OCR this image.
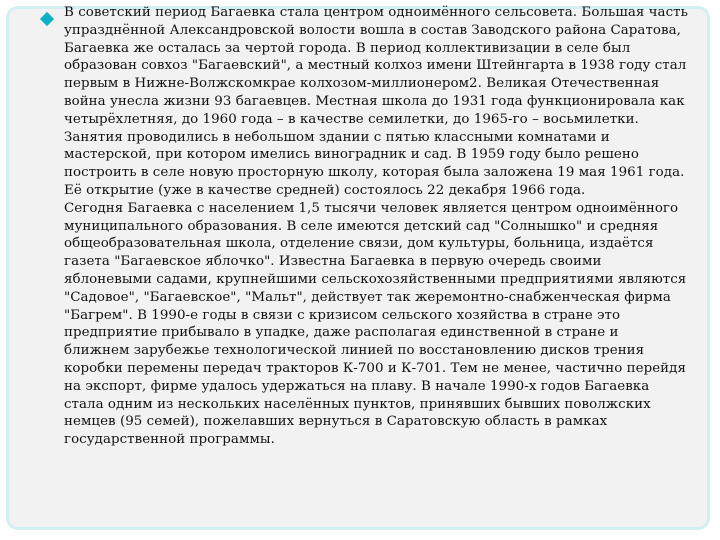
В советский период Багаевка стала центром одноимённого сельсовета. Большая часть упразднённой Александровской волости вошла в состав Заводского района Саратова, Багаевка же осталась за чертой города. В период коллективизации в селе был образован совхоз "Багаевский", а местный колхоз имени Штейнгарта в 1938 году стал первым в Нижне-Волжскомкрае колхозом-миллионером2. Великая Отечественная война унесла жизни 93 багаевцев. Местная школа до 1931 года функционировала как четырёхлетняя, до 1960 года – в качестве семилетки, до 1965-го – восьмилетки. Занятия проводились в небольшом здании с пятью классными комнатами и мастерской, при котором имелись виноградник и сад. В 1959 году было решено построить в селе новую просторную школу, которая была заложена 19 мая 1961 года. Её открытие (уже в качестве средней) состоялось 22 декабря 1966 года.
Сегодня Багаевка с населением 1,5 тысячи человек является центром одноимённого муниципального образования. В селе имеются детский сад "Солнышко" и средняя общеобразовательная школа, отделение связи, дом культуры, больница, издаётся газета "Багаевское яблочко". Известна Багаевка в первую очередь своими яблоневыми садами, крупнейшими сельскохозяйственными предприятиями являются "Садовое", "Багаевское", "Мальт", действует так жеремонтно-снабженческая фирма "Багрем". В 1990-е годы в связи с кризисом сельского хозяйства в стране это предприятие прибывало в упадке, даже располагая единственной в стране и ближнем зарубежье технологической линией по восстановлению дисков трения коробки перемены передач тракторов К-700 и К-701. Тем не менее, частично перейдя на экспорт, фирме удалось удержаться на плаву. В начале 1990-х годов Багаевка стала одним из нескольких населённых пунктов, принявших бывших поволжских немцев (95 семей), пожелавших вернуться в Саратовскую область в рамках государственной программы.
